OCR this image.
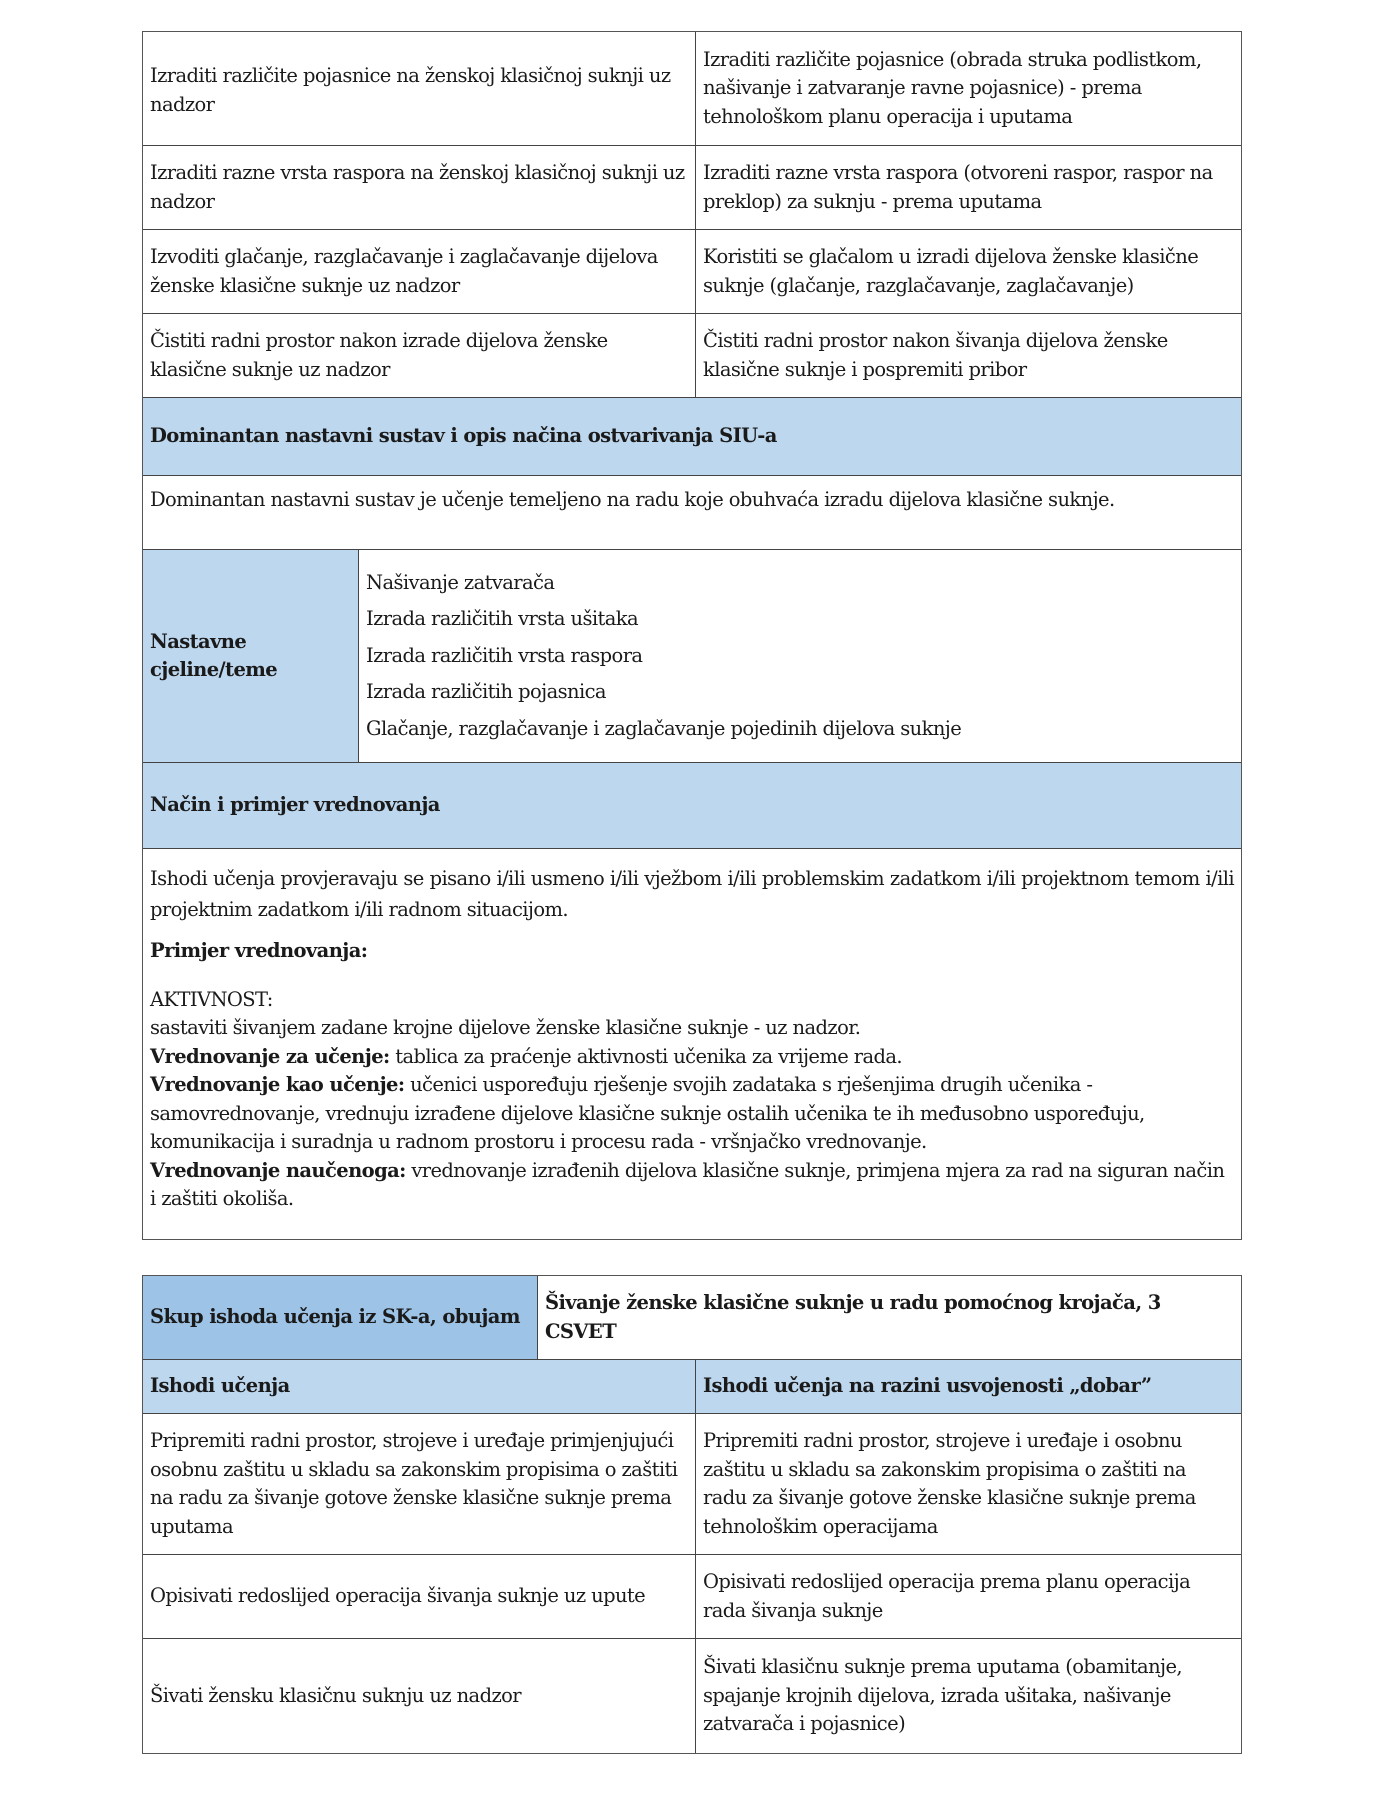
Izraditi različite pojasnice na ženskoj klasičnoj suknji uz nadzor
Izraditi različite pojasnice (obrada struka podlistkom, našivanje i zatvaranje ravne pojasnice) - prema tehnološkom planu operacija i uputama
Izraditi razne vrsta raspora na ženskoj klasičnoj suknji uz nadzor
Izraditi razne vrsta raspora (otvoreni raspor, raspor na preklop) za suknju - prema uputama
Izvoditi glačanje, razglačavanje i zaglačavanje dijelova ženske klasične suknje uz nadzor
Koristiti se glačalom u izradi dijelova ženske klasične suknje (glačanje, razglačavanje, zaglačavanje)
Čistiti radni prostor nakon izrade dijelova ženske klasične suknje uz nadzor
Čistiti radni prostor nakon šivanja dijelova ženske klasične suknje i pospremiti pribor
Dominantan nastavni sustav i opis načina ostvarivanja SIU-a
Dominantan nastavni sustav je učenje temeljeno na radu koje obuhvaća izradu dijelova klasične suknje.
Nastavne cjeline/teme
Našivanje zatvarača
Izrada različitih vrsta ušitaka
Izrada različitih vrsta raspora
Izrada različitih pojasnica
Glačanje, razglačavanje i zaglačavanje pojedinih dijelova suknje
Način i primjer vrednovanja

Ishodi učenja provjeravaju se pisano i/ili usmeno i/ili vježbom i/ili problemskim zadatkom i/ili projektnom temom i/ili projektnim zadatkom i/ili radnom situacijom.

Primjer vrednovanja:

AKTIVNOST:

sastaviti šivanjem zadane krojne dijelove ženske klasične suknje - uz nadzor.

Vrednovanje za učenje: tablica za praćenje aktivnosti učenika za vrijeme rada.

Vrednovanje kao učenje: učenici uspoređuju rješenje svojih zadataka s rješenjima drugih učenika - samovrednovanje, vrednuju izrađene dijelove klasične suknje ostalih učenika te ih međusobno uspoređuju, komunikacija i suradnja u radnom prostoru i procesu rada - vršnjačko vrednovanje.

Vrednovanje naučenoga: vrednovanje izrađenih dijelova klasične suknje, primjena mjera za rad na siguran način i zaštiti okoliša.

Skup ishoda učenja iz SK-a, obujam
Šivanje ženske klasične suknje u radu pomoćnog krojača, 3 CSVET
Ishodi učenja	Ishodi učenja na razini usvojenosti „dobar”
Pripremiti radni prostor, strojeve i uređaje primjenjujući osobnu zaštitu u skladu sa zakonskim propisima o zaštiti na radu za šivanje gotove ženske klasične suknje prema uputama
Pripremiti radni prostor, strojeve i uređaje i osobnu zaštitu u skladu sa zakonskim propisima o zaštiti na radu za šivanje gotove ženske klasične suknje prema tehnološkim operacijama
Opisivati redoslijed operacija šivanja suknje uz upute
Opisivati redoslijed operacija prema planu operacija rada šivanja suknje
Šivati žensku klasičnu suknju uz nadzor
Šivati klasičnu suknje prema uputama (obamitanje, spajanje krojnih dijelova, izrada ušitaka, našivanje zatvarača i pojasnice)
